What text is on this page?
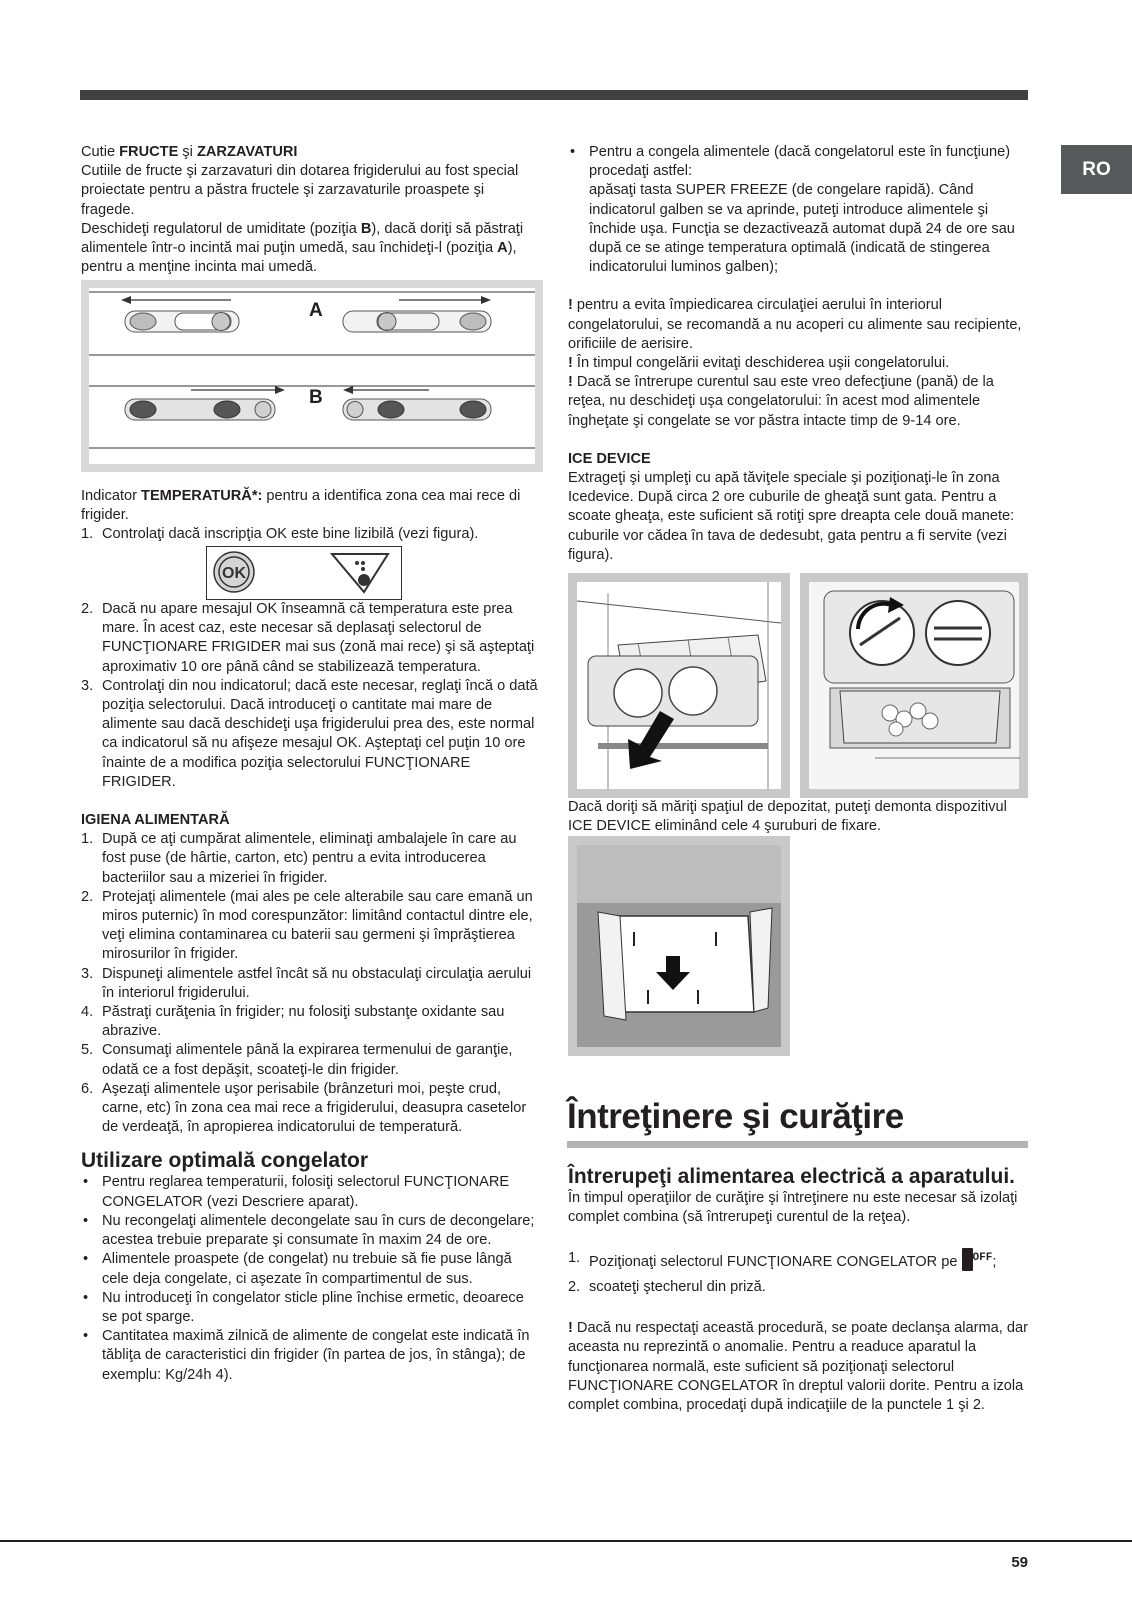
RO

Cutie FRUCTE şi ZARZAVATURI

Cutiile de fructe şi zarzavaturi din dotarea frigiderului au fost special proiectate pentru a păstra fructele şi zarzavaturile proaspete şi fragede.

Deschideţi regulatorul de umiditate (poziţia B), dacă doriţi să păstraţi alimentele într-o incintă mai puţin umedă, sau închideţi-l (poziţia A), pentru a menţine incinta mai umedă.

A
B

Indicator TEMPERATURĂ*: pentru a identifica zona cea mai rece di frigider.

1. Controlaţi dacă inscripţia OK este bine lizibilă (vezi figura).
OK
2. Dacă nu apare mesajul OK înseamnă că temperatura este prea mare. În acest caz, este necesar să deplasaţi selectorul de FUNCŢIONARE FRIGIDER mai sus (zonă mai rece) şi să aşteptaţi aproximativ 10 ore până când se stabilizează temperatura.
3. Controlaţi din nou indicatorul; dacă este necesar, reglaţi încă o dată poziţia selectorului. Dacă introduceţi o cantitate mai mare de alimente sau dacă deschideţi uşa frigiderului prea des, este normal ca indicatorul să nu afişeze mesajul OK. Aşteptaţi cel puţin 10 ore înainte de a modifica poziţia selectorului FUNCŢIONARE FRIGIDER.

IGIENA ALIMENTARĂ

1. După ce aţi cumpărat alimentele, eliminaţi ambalajele în care au fost puse (de hârtie, carton, etc) pentru a evita introducerea bacteriilor sau a mizeriei în frigider.
2. Protejaţi alimentele (mai ales pe cele alterabile sau care emană un miros puternic) în mod corespunzător: limitând contactul dintre ele, veţi elimina contaminarea cu baterii sau germeni şi împrăştierea mirosurilor în frigider.
3. Dispuneţi alimentele astfel încât să nu obstaculaţi circulaţia aerului în interiorul frigiderului.
4. Păstraţi curăţenia în frigider; nu folosiţi substanţe oxidante sau abrazive.
5. Consumaţi alimentele până la expirarea termenului de garanţie, odată ce a fost depăşit, scoateţi-le din frigider.
6. Aşezaţi alimentele uşor perisabile (brânzeturi moi, peşte crud, carne, etc) în zona cea mai rece a frigiderului, deasupra casetelor de verdeaţă, în apropierea indicatorului de temperatură.
Utilizare optimală congelator
• Pentru reglarea temperaturii, folosiţi selectorul FUNCŢIONARE CONGELATOR (vezi Descriere aparat).
• Nu recongelaţi alimentele decongelate sau în curs de decongelare; acestea trebuie preparate şi consumate în maxim 24 de ore.
• Alimentele proaspete (de congelat) nu trebuie să fie puse lângă cele deja congelate, ci aşezate în compartimentul de sus.
• Nu introduceţi în congelator sticle pline închise ermetic, deoarece se pot sparge.
• Cantitatea maximă zilnică de alimente de congelat este indicată în tăbliţa de caracteristici din frigider (în partea de jos, în stânga); de exemplu: Kg/24h 4).
• Pentru a congela alimentele (dacă congelatorul este în funcţiune) procedaţi astfel:
apăsaţi tasta SUPER FREEZE (de congelare rapidă). Când indicatorul galben se va aprinde, puteţi introduce alimentele şi închide uşa. Funcţia se dezactivează automat după 24 de ore sau după ce se atinge temperatura optimală (indicată de stingerea indicatorului luminos galben);

! pentru a evita împiedicarea circulaţiei aerului în interiorul congelatorului, se recomandă a nu acoperi cu alimente sau recipiente, orificiile de aerisire.

! În timpul congelării evitaţi deschiderea uşii congelatorului.

! Dacă se întrerupe curentul sau este vreo defecţiune (pană) de la reţea, nu deschideţi uşa congelatorului: în acest mod alimentele îngheţate şi congelate se vor păstra intacte timp de 9-14 ore.

ICE DEVICE

Extrageţi şi umpleţi cu apă tăviţele speciale şi poziţionaţi-le în zona Icedevice. După circa 2 ore cuburile de gheaţă sunt gata. Pentru a scoate gheaţa, este suficient să rotiţi spre dreapta cele două manete: cuburile vor cădea în tava de dedesubt, gata pentru a fi servite (vezi figura).

Dacă doriţi să măriţi spaţiul de depozitat, puteţi demonta dispozitivul ICE DEVICE eliminând cele 4 şuruburi de fixare.

Întreţinere şi curăţire
Întrerupeţi alimentarea electrică a aparatului.

În timpul operaţiilor de curăţire şi întreţinere nu este necesar să izolaţi complet combina (să întrerupeţi curentul de la reţea).

1. Poziţionaţi selectorul FUNCŢIONARE CONGELATOR pe $^{OFF}$;
2. scoateţi ştecherul din priză.

! Dacă nu respectaţi această procedură, se poate declanşa alarma, dar aceasta nu reprezintă o anomalie. Pentru a readuce aparatul la funcţionarea normală, este suficient să poziţionaţi selectorul FUNCŢIONARE CONGELATOR în dreptul valorii dorite. Pentru a izola complet combina, procedaţi după indicaţiile de la punctele 1 şi 2.

59
